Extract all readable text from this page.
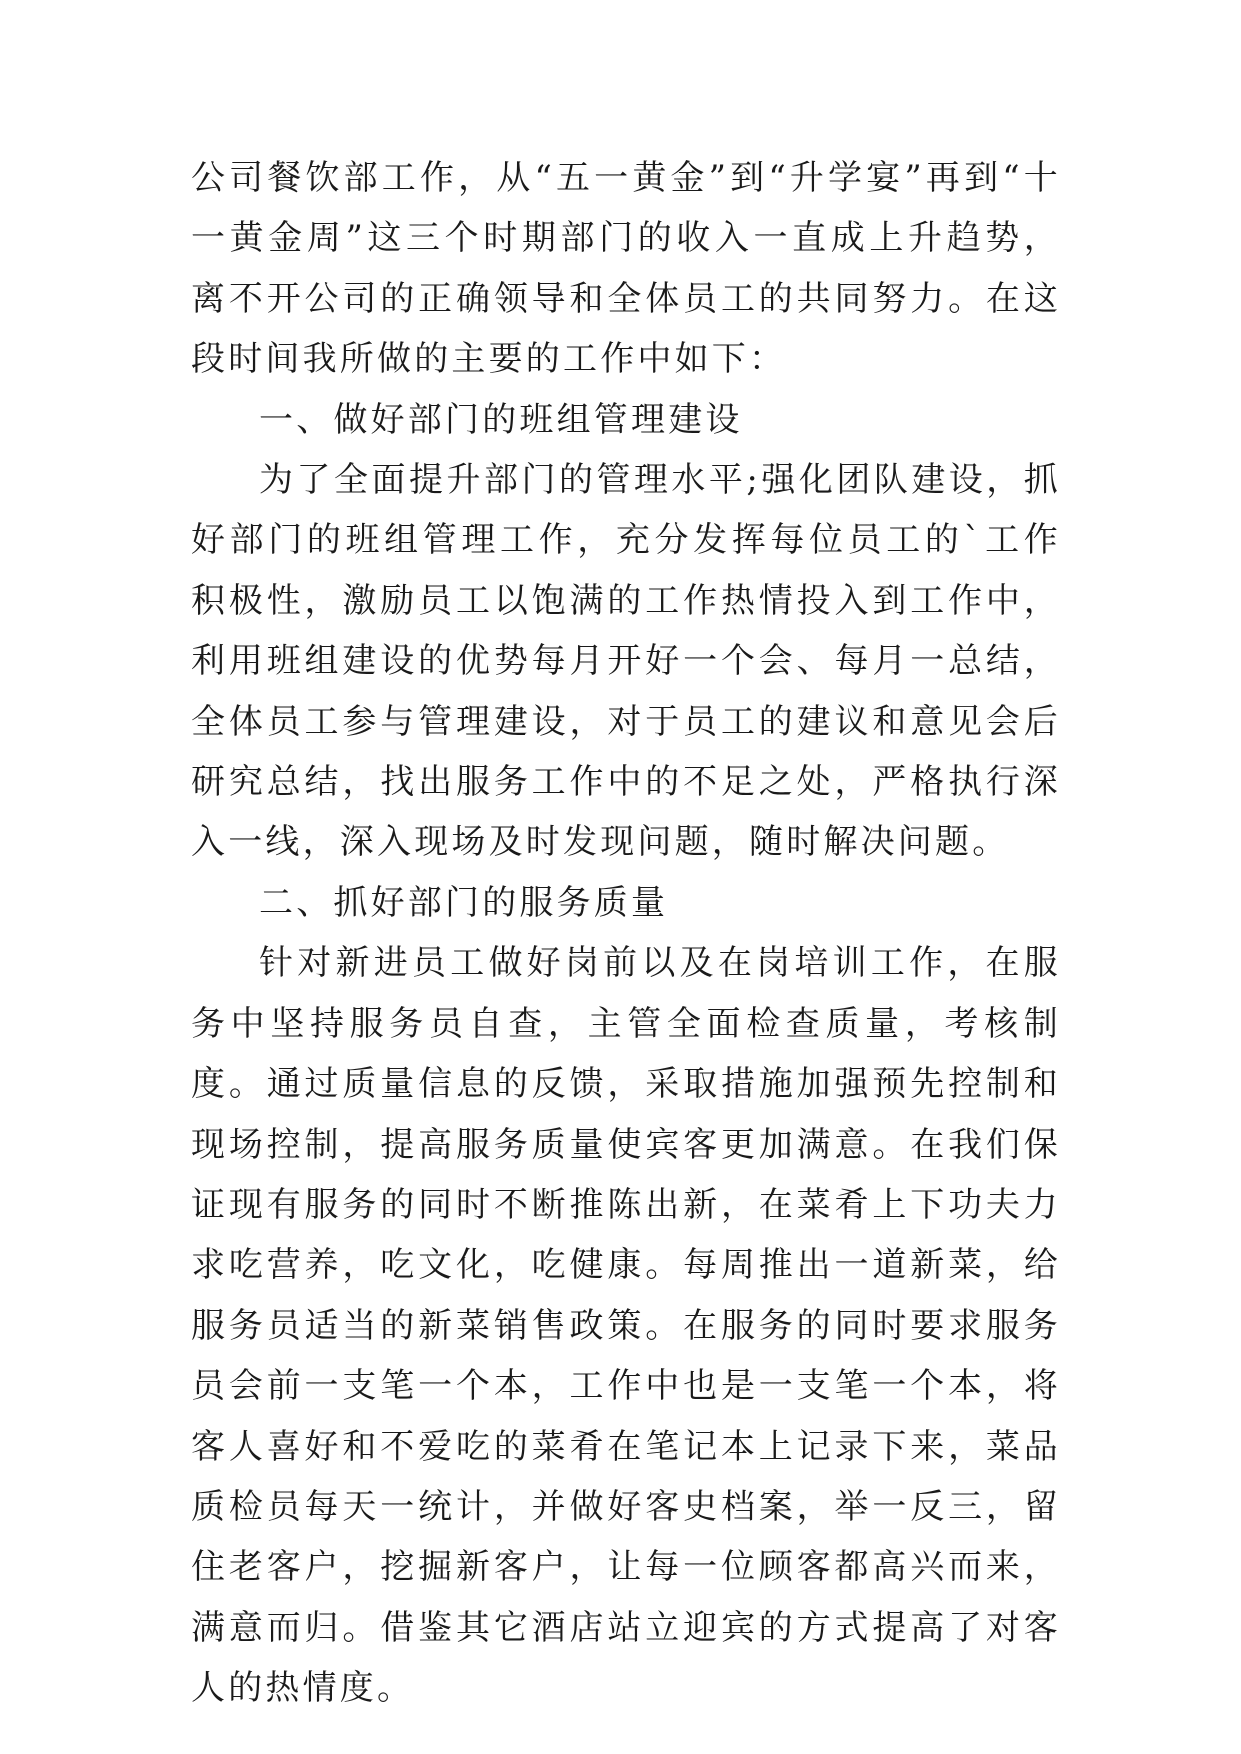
公司餐饮部工作，从“五一黄金”到“升学宴”再到“十一黄金周”这三个时期部门的收入一直成上升趋势，离不开公司的正确领导和全体员工的共同努力。在这段时间我所做的主要的工作中如下：

一、做好部门的班组管理建设

为了全面提升部门的管理水平;强化团队建设，抓好部门的班组管理工作，充分发挥每位员工的`工作积极性，激励员工以饱满的工作热情投入到工作中，利用班组建设的优势每月开好一个会、每月一总结，全体员工参与管理建设，对于员工的建议和意见会后研究总结，找出服务工作中的不足之处，严格执行深入一线，深入现场及时发现问题，随时解决问题。

二、抓好部门的服务质量

针对新进员工做好岗前以及在岗培训工作，在服务中坚持服务员自查，主管全面检查质量，考核制度。通过质量信息的反馈，采取措施加强预先控制和现场控制，提高服务质量使宾客更加满意。在我们保证现有服务的同时不断推陈出新，在菜肴上下功夫力求吃营养，吃文化，吃健康。每周推出一道新菜，给服务员适当的新菜销售政策。在服务的同时要求服务员会前一支笔一个本，工作中也是一支笔一个本，将客人喜好和不爱吃的菜肴在笔记本上记录下来，菜品质检员每天一统计，并做好客史档案，举一反三，留住老客户，挖掘新客户，让每一位顾客都高兴而来，满意而归。借鉴其它酒店站立迎宾的方式提高了对客人的热情度。
